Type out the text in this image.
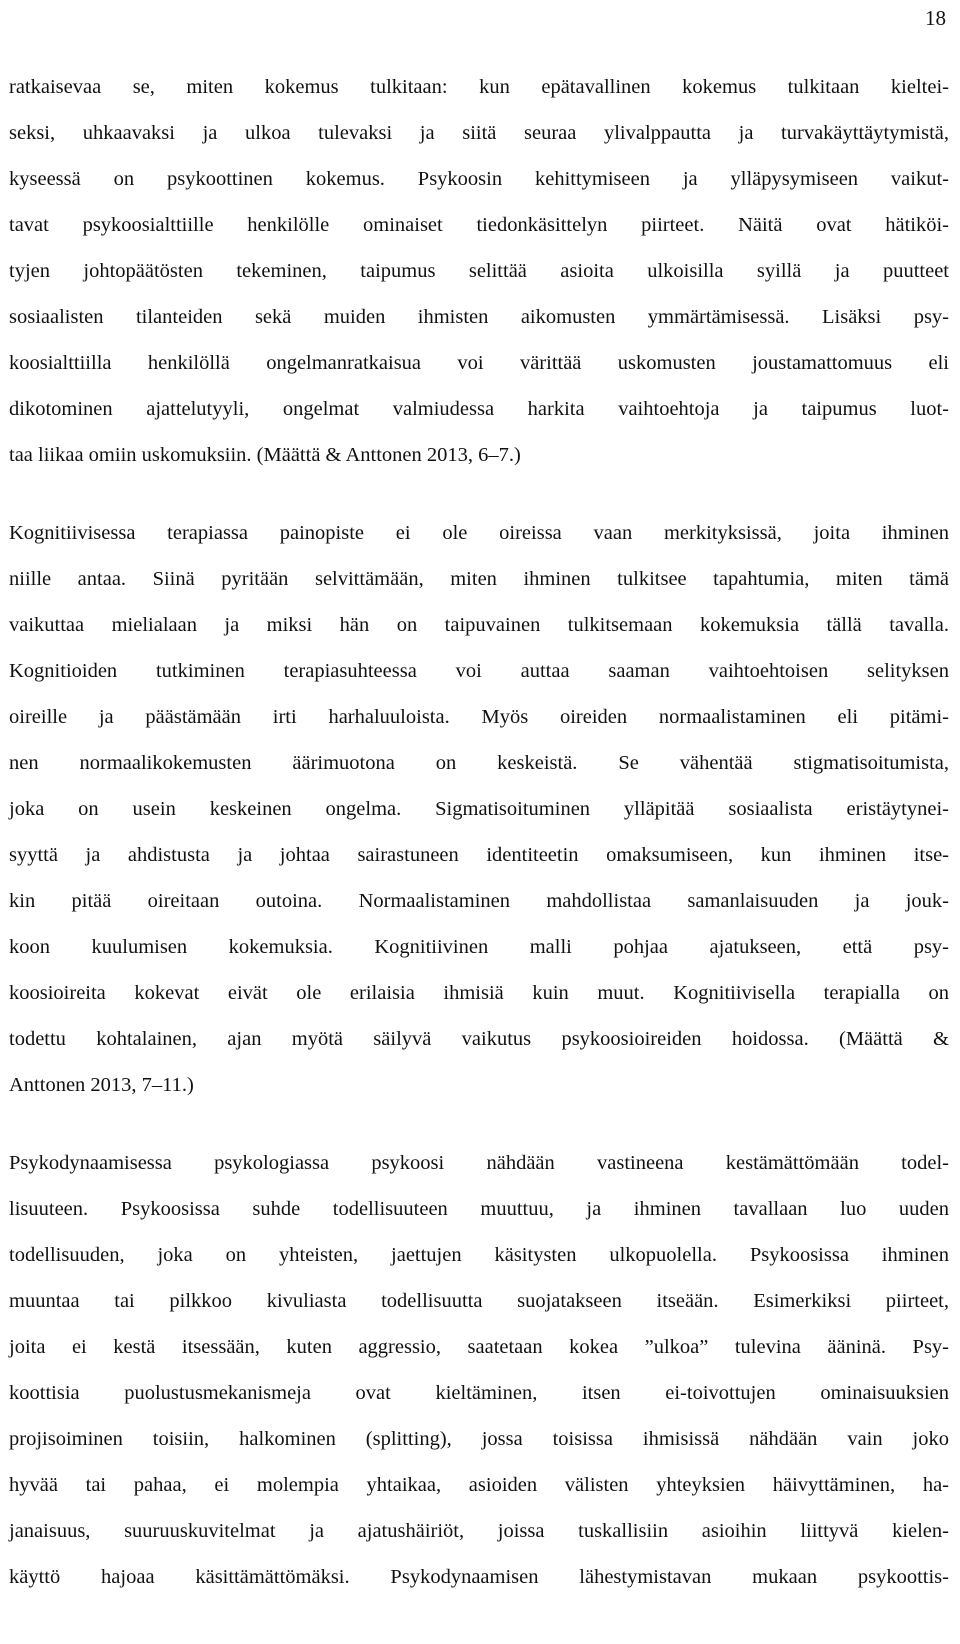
18
ratkaisevaa se, miten kokemus tulkitaan: kun epätavallinen kokemus tulkitaan kieltei-
seksi, uhkaavaksi ja ulkoa tulevaksi ja siitä seuraa ylivalppautta ja turvakäyttäytymistä,
kyseessä on psykoottinen kokemus. Psykoosin kehittymiseen ja ylläpysymiseen vaikut-
tavat psykoosialttiille henkilölle ominaiset tiedonkäsittelyn piirteet. Näitä ovat hätiköi-
tyjen johtopäätösten tekeminen, taipumus selittää asioita ulkoisilla syillä ja puutteet
sosiaalisten tilanteiden sekä muiden ihmisten aikomusten ymmärtämisessä. Lisäksi psy-
koosialttiilla henkilöllä ongelmanratkaisua voi värittää uskomusten joustamattomuus eli
dikotominen ajattelutyyli, ongelmat valmiudessa harkita vaihtoehtoja ja taipumus luot-
taa liikaa omiin uskomuksiin. (Määttä & Anttonen 2013, 6–7.)
Kognitiivisessa terapiassa painopiste ei ole oireissa vaan merkityksissä, joita ihminen
niille antaa. Siinä pyritään selvittämään, miten ihminen tulkitsee tapahtumia, miten tämä
vaikuttaa mielialaan ja miksi hän on taipuvainen tulkitsemaan kokemuksia tällä tavalla.
Kognitioiden tutkiminen terapiasuhteessa voi auttaa saaman vaihtoehtoisen selityksen
oireille ja päästämään irti harhaluuloista. Myös oireiden normaalistaminen eli pitämi-
nen normaalikokemusten äärimuotona on keskeistä. Se vähentää stigmatisoitumista,
joka on usein keskeinen ongelma. Sigmatisoituminen ylläpitää sosiaalista eristäytynei-
syyttä ja ahdistusta ja johtaa sairastuneen identiteetin omaksumiseen, kun ihminen itse-
kin pitää oireitaan outoina. Normaalistaminen mahdollistaa samanlaisuuden ja jouk-
koon kuulumisen kokemuksia. Kognitiivinen malli pohjaa ajatukseen, että psy-
koosioireita kokevat eivät ole erilaisia ihmisiä kuin muut. Kognitiivisella terapialla on
todettu kohtalainen, ajan myötä säilyvä vaikutus psykoosioireiden hoidossa. (Määttä &
Anttonen 2013, 7–11.)
Psykodynaamisessa psykologiassa psykoosi nähdään vastineena kestämättömään todel-
lisuuteen. Psykoosissa suhde todellisuuteen muuttuu, ja ihminen tavallaan luo uuden
todellisuuden, joka on yhteisten, jaettujen käsitysten ulkopuolella. Psykoosissa ihminen
muuntaa tai pilkkoo kivuliasta todellisuutta suojatakseen itseään. Esimerkiksi piirteet,
joita ei kestä itsessään, kuten aggressio, saatetaan kokea ”ulkoa” tulevina ääninä. Psy-
koottisia puolustusmekanismeja ovat kieltäminen, itsen ei-toivottujen ominaisuuksien
projisoiminen toisiin, halkominen (splitting), jossa toisissa ihmisissä nähdään vain joko
hyvää tai pahaa, ei molempia yhtaikaa, asioiden välisten yhteyksien häivyttäminen, ha-
janaisuus, suuruuskuvitelmat ja ajatushäiriöt, joissa tuskallisiin asioihin liittyvä kielen-
käyttö hajoaa käsittämättömäksi. Psykodynaamisen lähestymistavan mukaan psykoottis-
